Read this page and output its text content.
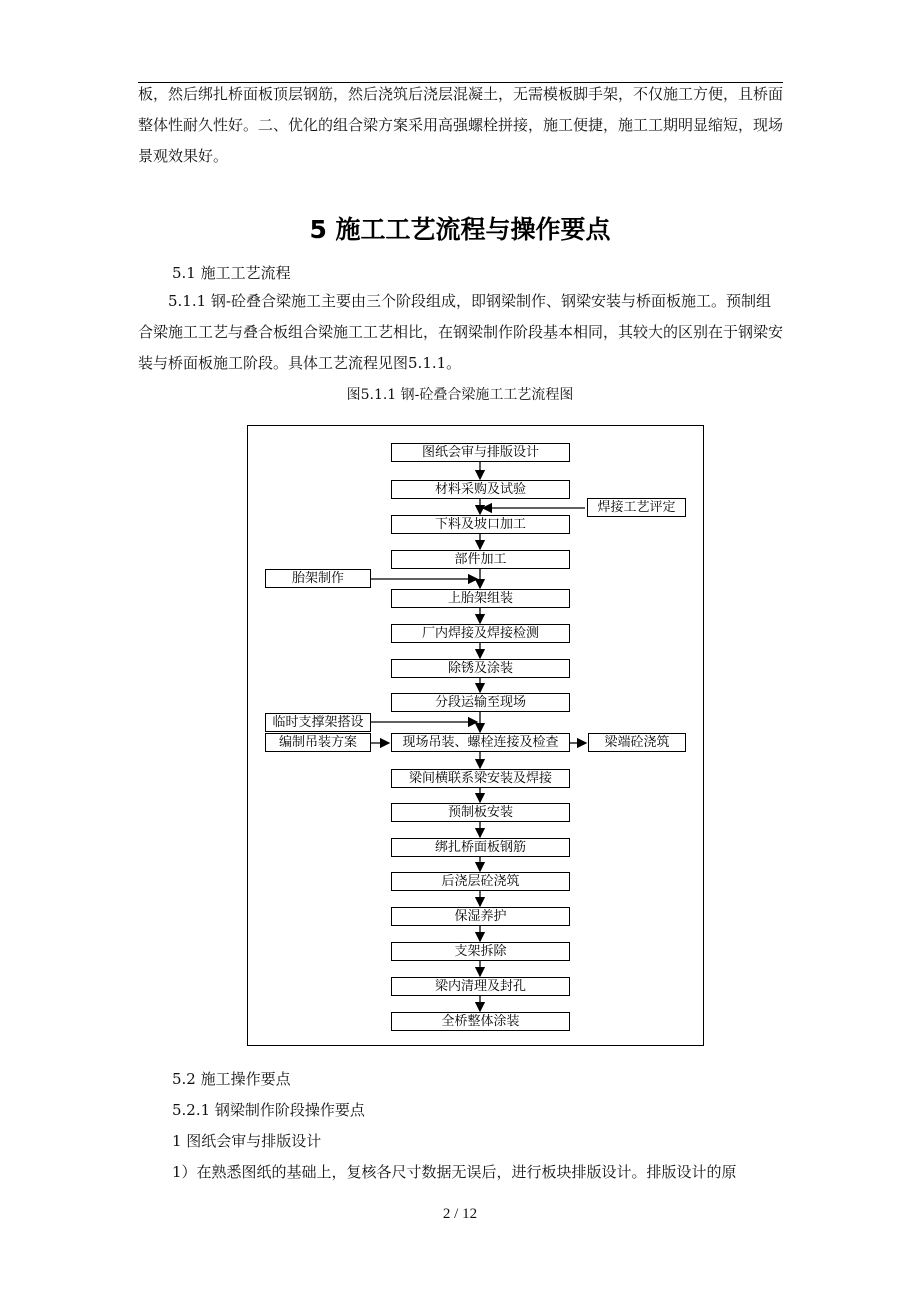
板，然后绑扎桥面板顶层钢筋，然后浇筑后浇层混凝土，无需模板脚手架，不仅施工方便，且桥面整体性耐久性好。二、优化的组合梁方案采用高强螺栓拼接，施工便捷，施工工期明显缩短，现场景观效果好。

5 施工工艺流程与操作要点
5.1 施工工艺流程

5.1.1 钢-砼叠合梁施工主要由三个阶段组成，即钢梁制作、钢梁安装与桥面板施工。预制组合梁施工工艺与叠合板组合梁施工工艺相比，在钢梁制作阶段基本相同，其较大的区别在于钢梁安装与桥面板施工阶段。具体工艺流程见图5.1.1。

图5.1.1 钢-砼叠合梁施工工艺流程图
图纸会审与排版设计
材料采购及试验
下料及坡口加工
部件加工
上胎架组装
厂内焊接及焊接检测
除锈及涂装
分段运输至现场
现场吊装、螺栓连接及检查
梁间横联系梁安装及焊接
预制板安装
绑扎桥面板钢筋
后浇层砼浇筑
保湿养护
支架拆除
梁内清理及封孔
全桥整体涂装
焊接工艺评定
胎架制作
临时支撑架搭设
编制吊装方案	梁端砼浇筑
5.2 施工操作要点
5.2.1 钢梁制作阶段操作要点
1 图纸会审与排版设计
1）在熟悉图纸的基础上，复核各尺寸数据无误后，进行板块排版设计。排版设计的原
2 / 12
